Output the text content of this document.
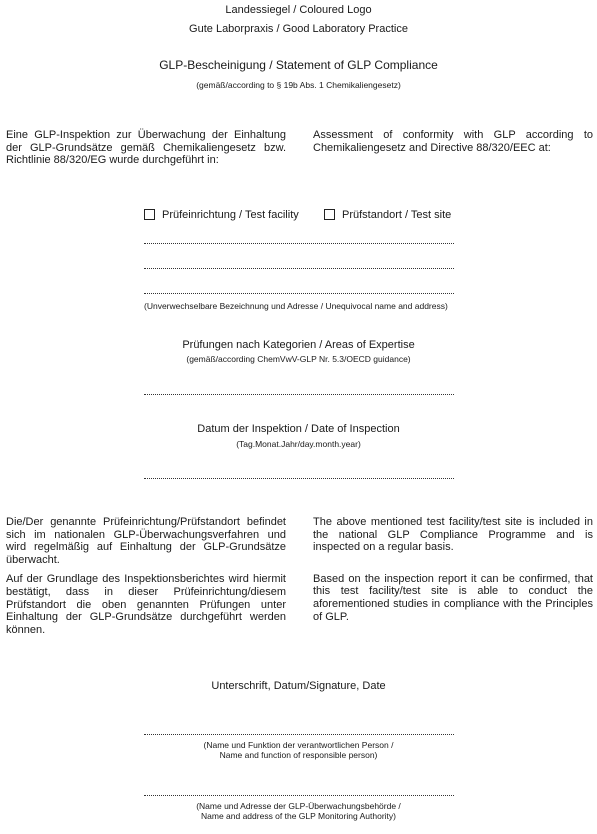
Landessiegel / Coloured Logo
Gute Laborpraxis / Good Laboratory Practice
GLP-Bescheinigung / Statement of GLP Compliance
(gemäß/according to § 19b Abs. 1 Chemikaliengesetz)

Eine GLP-Inspektion zur Überwachung der Einhaltung der GLP-Grundsätze gemäß Chemikaliengesetz bzw. Richtlinie 88/320/EG wurde durchgeführt in:

Assessment of conformity with GLP according to Chemikaliengesetz and Directive 88/320/EEC at:

Prüfeinrichtung / Test facility	Prüfstandort / Test site
(Unverwechselbare Bezeichnung und Adresse / Unequivocal name and address)
Prüfungen nach Kategorien / Areas of Expertise
(gemäß/according ChemVwV-GLP Nr. 5.3/OECD guidance)
Datum der Inspektion / Date of Inspection
(Tag.Monat.Jahr/day.month.year)

Die/Der genannte Prüfeinrichtung/Prüfstandort befindet sich im nationalen GLP-Überwachungsverfahren und wird regelmäßig auf Einhaltung der GLP-Grundsätze überwacht.

Auf der Grundlage des Inspektionsberichtes wird hiermit bestätigt, dass in dieser Prüfeinrichtung/diesem Prüfstandort die oben genannten Prüfungen unter Einhaltung der GLP-Grundsätze durchgeführt werden können.

The above mentioned test facility/test site is included in the national GLP Compliance Programme and is inspected on a regular basis.

Based on the inspection report it can be confirmed, that this test facility/test site is able to conduct the aforementioned studies in compliance with the Principles of GLP.

Unterschrift, Datum/Signature, Date
(Name und Funktion der verantwortlichen Person /
Name and function of responsible person)
(Name und Adresse der GLP-Überwachungsbehörde /
Name and address of the GLP Monitoring Authority)
